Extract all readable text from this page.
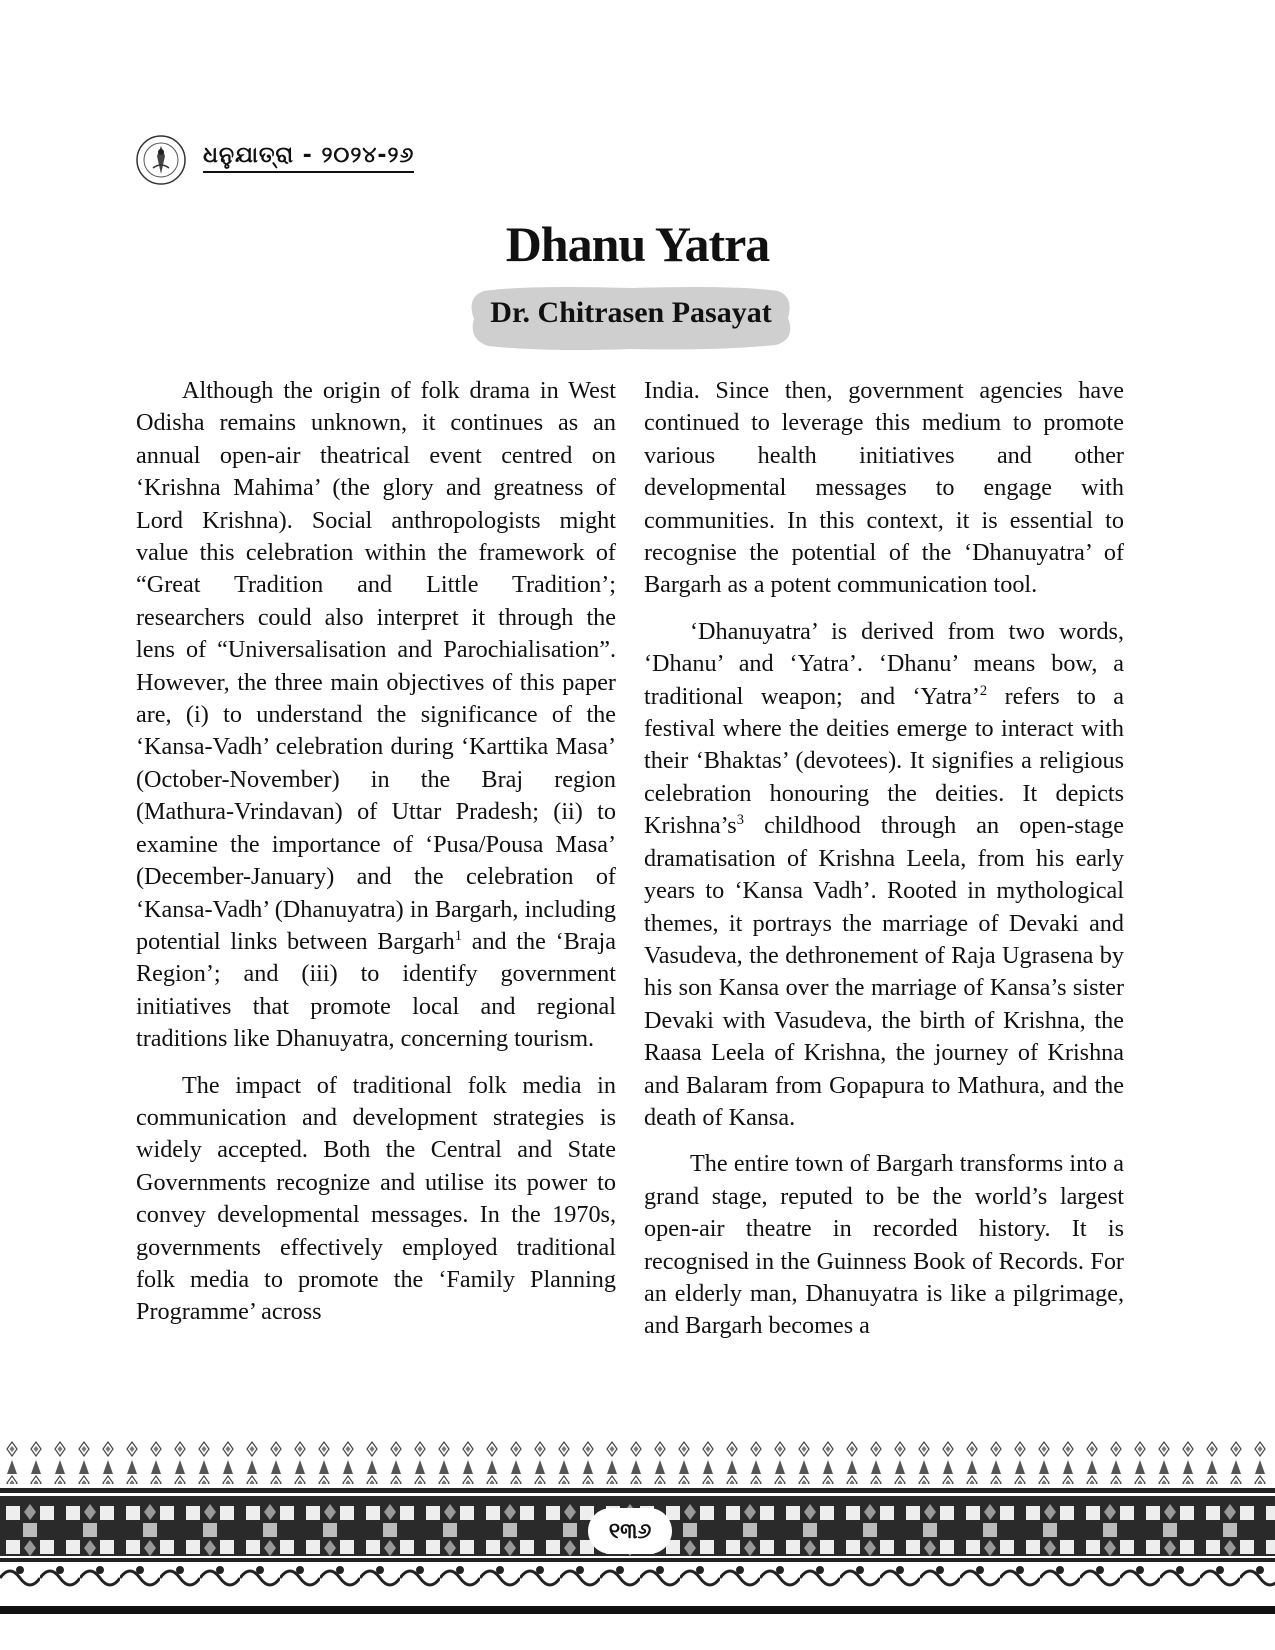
ଧନୁଯାତ୍ରା - ୨୦୨୪-୨୬
Dhanu Yatra
Dr. Chitrasen Pasayat

Although the origin of folk drama in West Odisha remains unknown, it continues as an annual open-air theatrical event centred on ‘Krishna Mahima’ (the glory and greatness of Lord Krishna). Social anthropologists might value this celebration within the framework of “Great Tradition and Little Tradition’; researchers could also interpret it through the lens of “Universalisation and Parochialisation”. However, the three main objectives of this paper are, (i) to understand the significance of the ‘Kansa-Vadh’ celebration during ‘Karttika Masa’ (October-November) in the Braj region (Mathura-Vrindavan) of Uttar Pradesh; (ii) to examine the importance of ‘Pusa/Pousa Masa’ (December-January) and the celebration of ‘Kansa-Vadh’ (Dhanuyatra) in Bargarh, including potential links between Bargarh$^1$ and the ‘Braja Region’; and (iii) to identify government initiatives that promote local and regional traditions like Dhanuyatra, concerning tourism.

The impact of traditional folk media in communication and development strategies is widely accepted. Both the Central and State Governments recognize and utilise its power to convey developmental messages. In the 1970s, governments effectively employed traditional folk media to promote the ‘Family Planning Programme’ across

India. Since then, government agencies have continued to leverage this medium to promote various health initiatives and other developmental messages to engage with communities. In this context, it is essential to recognise the potential of the ‘Dhanuyatra’ of Bargarh as a potent communication tool.

‘Dhanuyatra’ is derived from two words, ‘Dhanu’ and ‘Yatra’. ‘Dhanu’ means bow, a traditional weapon; and ‘Yatra’$^2$ refers to a festival where the deities emerge to interact with their ‘Bhaktas’ (devotees). It signifies a religious celebration honouring the deities. It depicts $Krishna’s^3$ childhood through an open-stage dramatisation of Krishna Leela, from his early years to ‘Kansa Vadh’. Rooted in mythological themes, it portrays the marriage of Devaki and Vasudeva, the dethronement of Raja Ugrasena by his son Kansa over the marriage of Kansa’s sister Devaki with Vasudeva, the birth of Krishna, the Raasa Leela of Krishna, the journey of Krishna and Balaram from Gopapura to Mathura, and the death of Kansa.

The entire town of Bargarh transforms into a grand stage, reputed to be the world’s largest open-air theatre in recorded history. It is recognised in the Guinness Book of Records. For an elderly man, Dhanuyatra is like a pilgrimage, and Bargarh becomes a

୧୩୬
